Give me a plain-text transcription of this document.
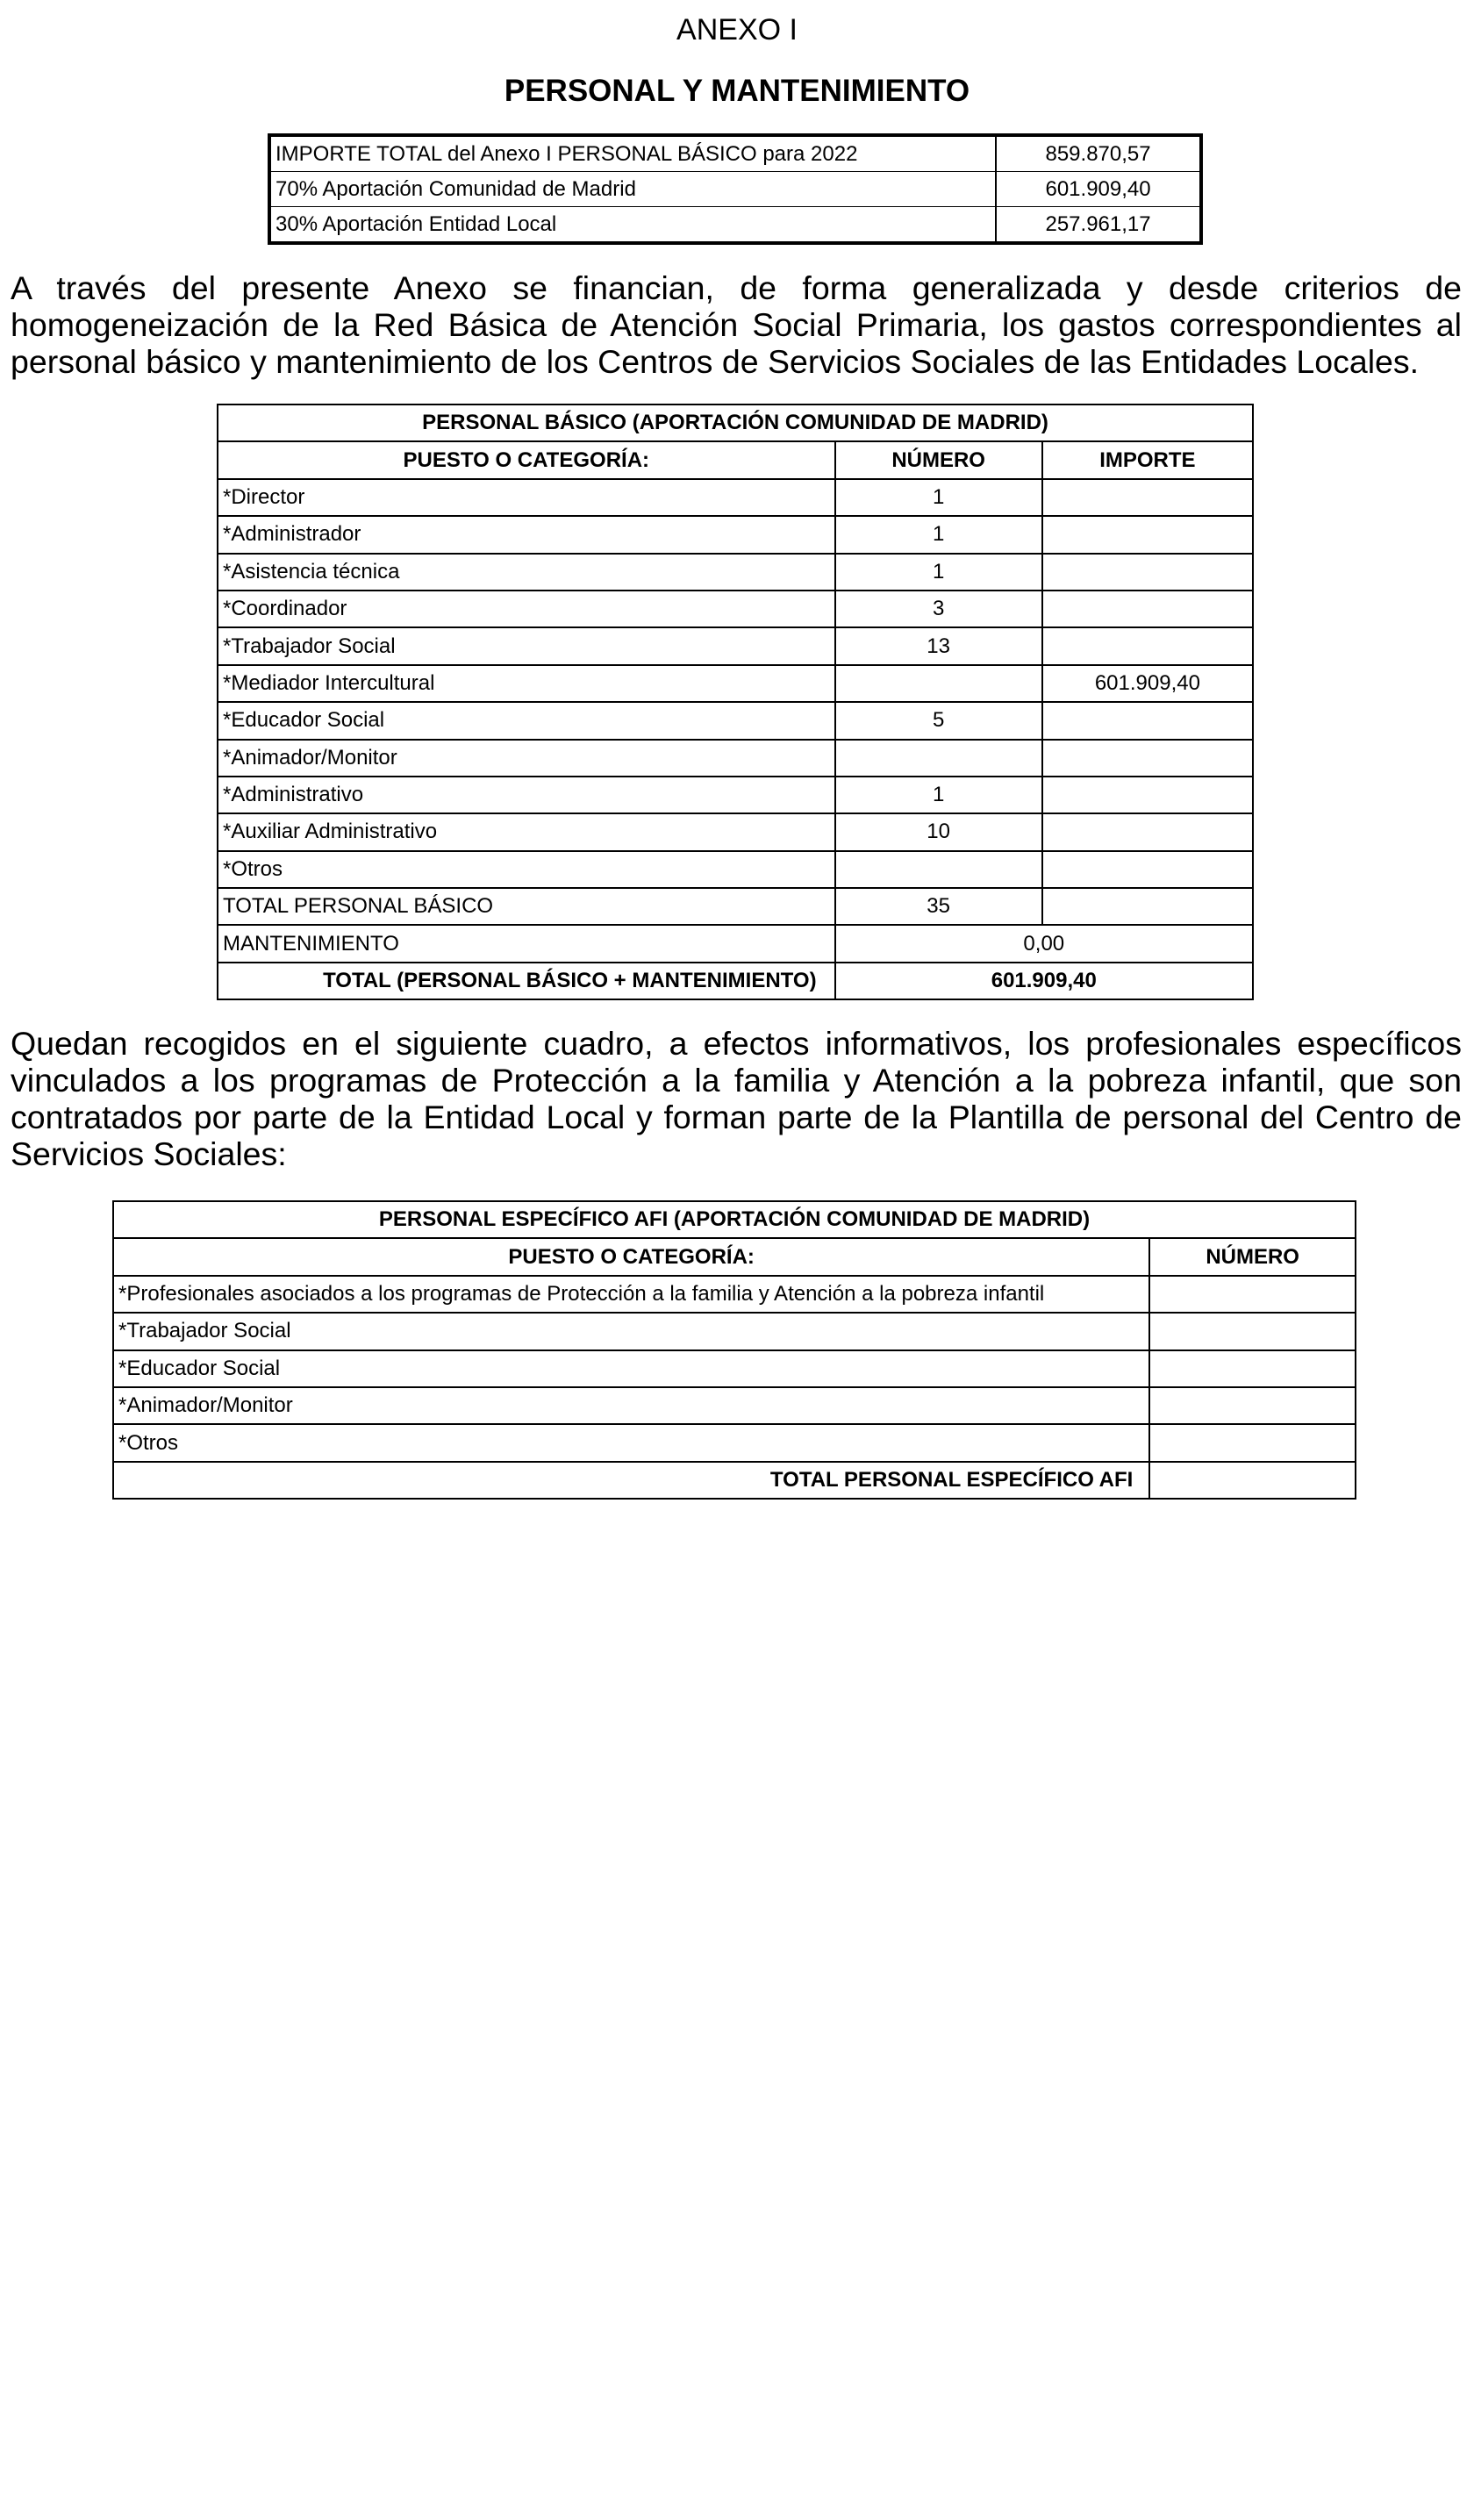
ANEXO I
PERSONAL Y MANTENIMIENTO
IMPORTE TOTAL del Anexo I PERSONAL BÁSICO para 2022	859.870,57
70% Aportación Comunidad de Madrid	601.909,40
30% Aportación Entidad Local	257.961,17
A través del presente Anexo se financian, de forma generalizada y desde criterios de homogeneización de la Red Básica de Atención Social Primaria, los gastos correspondientes al personal básico y mantenimiento de los Centros de Servicios Sociales de las Entidades Locales.
PERSONAL BÁSICO (APORTACIÓN COMUNIDAD DE MADRID)		
PUESTO O CATEGORÍA:	NÚMERO	IMPORTE
*Director	1	
*Administrador	1	
*Asistencia técnica	1	
*Coordinador	3	
*Trabajador Social	13	
*Mediador Intercultural		601.909,40
*Educador Social	5	
*Animador/Monitor		
*Administrativo	1	
*Auxiliar Administrativo	10	
*Otros		
TOTAL PERSONAL BÁSICO	35	
MANTENIMIENTO	0,00	
TOTAL (PERSONAL BÁSICO + MANTENIMIENTO)	601.909,40	
Quedan recogidos en el siguiente cuadro, a efectos informativos, los profesionales específicos vinculados a los programas de Protección a la familia y Atención a la pobreza infantil, que son contratados por parte de la Entidad Local y forman parte de la Plantilla de personal del Centro de Servicios Sociales:
PERSONAL ESPECÍFICO AFI (APORTACIÓN COMUNIDAD DE MADRID)	
PUESTO O CATEGORÍA:	NÚMERO
*Profesionales asociados a los programas de Protección a la familia y Atención a la pobreza infantil	
*Trabajador Social	
*Educador Social	
*Animador/Monitor	
*Otros	
TOTAL PERSONAL ESPECÍFICO AFI	
